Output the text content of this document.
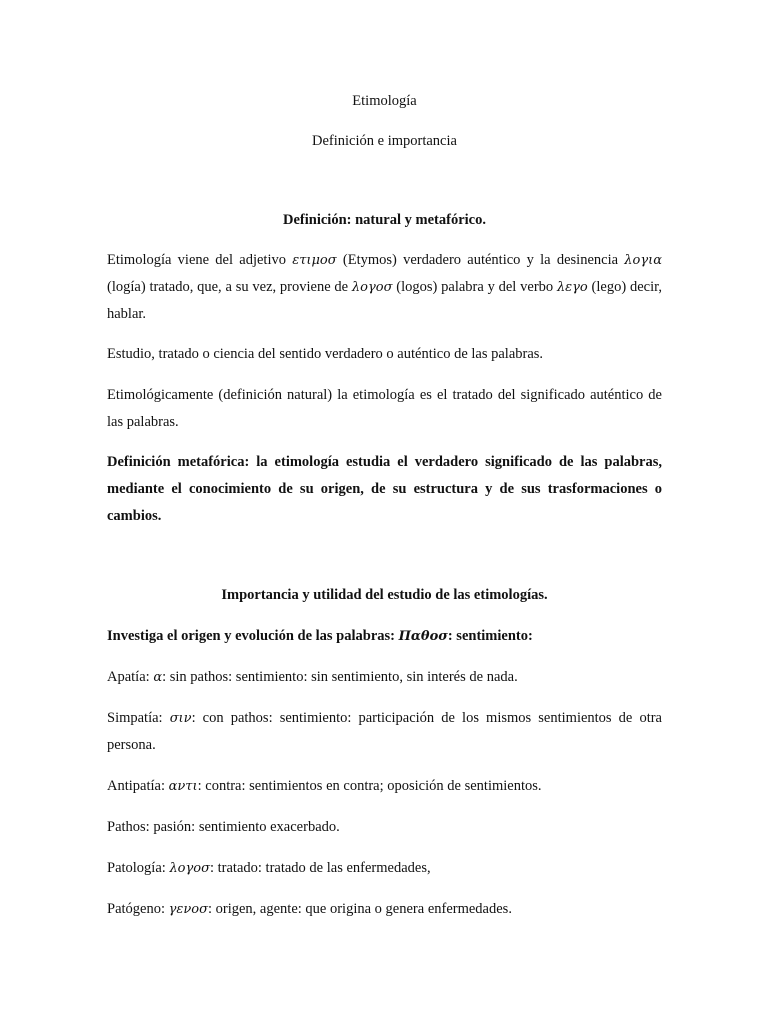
Etimología
Definición e importancia
Definición: natural y metafórico.
Etimología viene del adjetivo ετιμοσ (Etymos) verdadero auténtico y la desinencia λογια (logía) tratado, que, a su vez, proviene de λογοσ (logos) palabra y del verbo λεγο (lego) decir, hablar.
Estudio, tratado o ciencia del sentido verdadero o auténtico de las palabras.
Etimológicamente (definición natural) la etimología es el tratado del significado auténtico de las palabras.
Definición metafórica: la etimología estudia el verdadero significado de las palabras, mediante el conocimiento de su origen, de su estructura y de sus trasformaciones o cambios.
Importancia y utilidad del estudio de las etimologías.
Investiga el origen y evolución de las palabras: Παθοσ: sentimiento:
Apatía: α: sin pathos: sentimiento: sin sentimiento, sin interés de nada.
Simpatía: σιν: con pathos: sentimiento: participación de los mismos sentimientos de otra persona.
Antipatía: αντι: contra: sentimientos en contra; oposición de sentimientos.
Pathos: pasión: sentimiento exacerbado.
Patología: λογοσ: tratado: tratado de las enfermedades,
Patógeno: γενοσ: origen, agente: que origina o genera enfermedades.
